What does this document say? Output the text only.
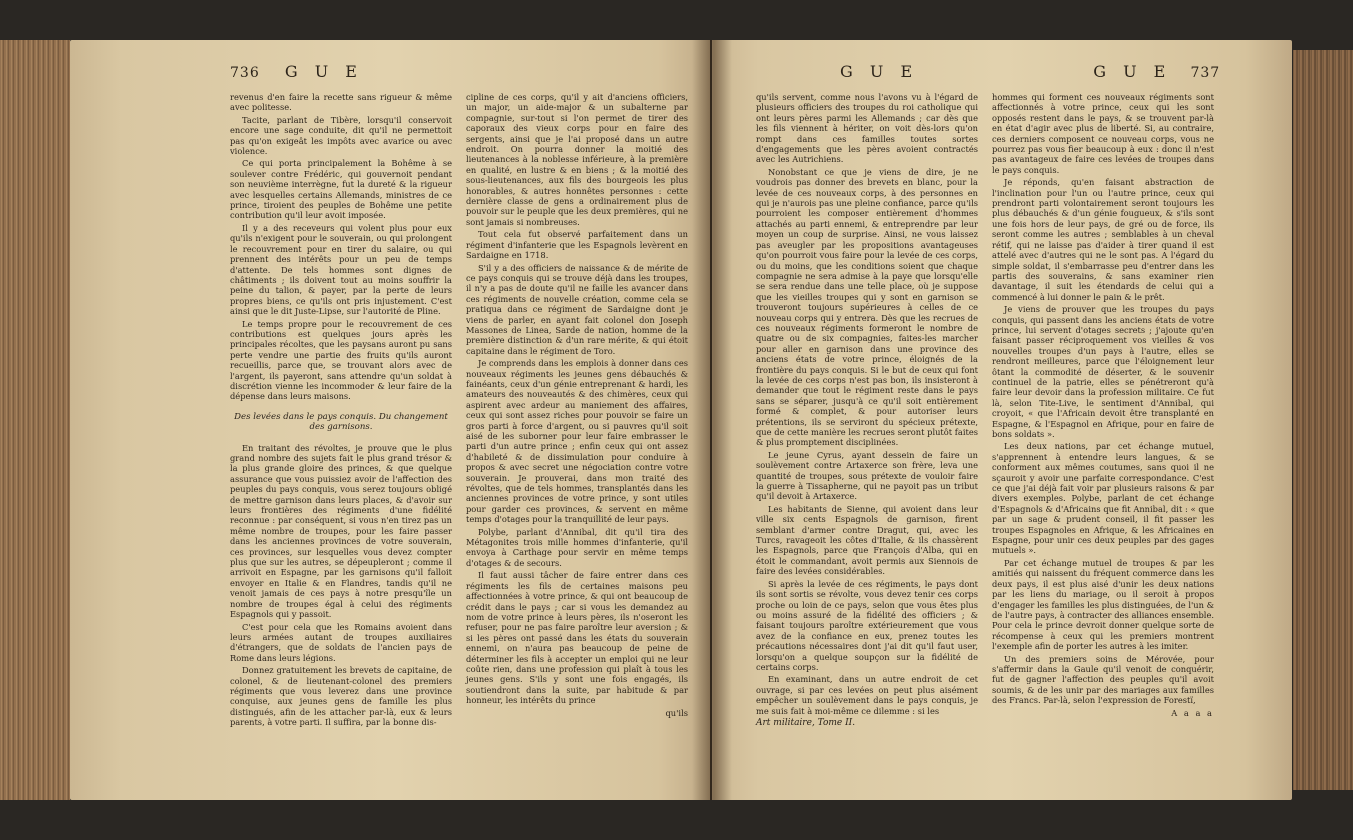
736 G U E

revenus d'en faire la recette sans rigueur & même avec politesse.

Tacite, parlant de Tibère, lorsqu'il conservoit encore une sage conduite, dit qu'il ne permettoit pas qu'on exigeât les impôts avec avarice ou avec violence.

Ce qui porta principalement la Bohême à se soulever contre Frédéric, qui gouvernoit pendant son neuvième interrègne, fut la dureté & la rigueur avec lesquelles certains Allemands, ministres de ce prince, tiroient des peuples de Bohême une petite contribution qu'il leur avoit imposée.

Il y a des receveurs qui volent plus pour eux qu'ils n'exigent pour le souverain, ou qui prolongent le recouvrement pour en tirer du salaire, ou qui prennent des intérêts pour un peu de temps d'attente. De tels hommes sont dignes de châtiments ; ils doivent tout au moins souffrir la peine du talion, & payer, par la perte de leurs propres biens, ce qu'ils ont pris injustement. C'est ainsi que le dit Juste-Lipse, sur l'autorité de Pline.

Le temps propre pour le recouvrement de ces contributions est quelques jours après les principales récoltes, que les paysans auront pu sans perte vendre une partie des fruits qu'ils auront recueillis, parce que, se trouvant alors avec de l'argent, ils payeront, sans attendre qu'un soldat à discrétion vienne les incommoder & leur faire de la dépense dans leurs maisons.

Des levées dans le pays conquis. Du changement des garnisons.

En traitant des révoltes, je prouve que le plus grand nombre des sujets fait le plus grand trésor & la plus grande gloire des princes, & que quelque assurance que vous puissiez avoir de l'affection des peuples du pays conquis, vous serez toujours obligé de mettre garnison dans leurs places, & d'avoir sur leurs frontières des régiments d'une fidélité reconnue : par conséquent, si vous n'en tirez pas un même nombre de troupes, pour les faire passer dans les anciennes provinces de votre souverain, ces provinces, sur lesquelles vous devez compter plus que sur les autres, se dépeupleront ; comme il arrivoit en Espagne, par les garnisons qu'il falloit envoyer en Italie & en Flandres, tandis qu'il ne venoit jamais de ces pays à notre presqu'île un nombre de troupes égal à celui des régiments Espagnols qui y passoit.

C'est pour cela que les Romains avoient dans leurs armées autant de troupes auxiliaires d'étrangers, que de soldats de l'ancien pays de Rome dans leurs légions.

Donnez gratuitement les brevets de capitaine, de colonel, & de lieutenant-colonel des premiers régiments que vous leverez dans une province conquise, aux jeunes gens de famille les plus distingués, afin de les attacher par-là, eux & leurs parents, à votre parti. Il suffira, par la bonne dis-

cipline de ces corps, qu'il y ait d'anciens officiers, un major, un aide-major & un subalterne par compagnie, sur-tout si l'on permet de tirer des caporaux des vieux corps pour en faire des sergents, ainsi que je l'ai proposé dans un autre endroit. On pourra donner la moitié des lieutenances à la noblesse inférieure, à la première en qualité, en lustre & en biens ; & la moitié des sous-lieutenances, aux fils des bourgeois les plus honorables, & autres honnêtes personnes : cette dernière classe de gens a ordinairement plus de pouvoir sur le peuple que les deux premières, qui ne sont jamais si nombreuses.

Tout cela fut observé parfaitement dans un régiment d'infanterie que les Espagnols levèrent en Sardaigne en 1718.

S'il y a des officiers de naissance & de mérite de ce pays conquis qui se trouve déjà dans les troupes, il n'y a pas de doute qu'il ne faille les avancer dans ces régiments de nouvelle création, comme cela se pratiqua dans ce régiment de Sardaigne dont je viens de parler, en ayant fait colonel don Joseph Massones de Linea, Sarde de nation, homme de la première distinction & d'un rare mérite, & qui étoit capitaine dans le régiment de Toro.

Je comprends dans les emplois à donner dans ces nouveaux régiments les jeunes gens débauchés & fainéants, ceux d'un génie entreprenant & hardi, les amateurs des nouveautés & des chimères, ceux qui aspirent avec ardeur au maniement des affaires, ceux qui sont assez riches pour pouvoir se faire un gros parti à force d'argent, ou si pauvres qu'il soit aisé de les suborner pour leur faire embrasser le parti d'un autre prince ; enfin ceux qui ont assez d'habileté & de dissimulation pour conduire à propos & avec secret une négociation contre votre souverain. Je prouverai, dans mon traité des révoltes, que de tels hommes, transplantés dans les anciennes provinces de votre prince, y sont utiles pour garder ces provinces, & servent en même temps d'otages pour la tranquillité de leur pays.

Polybe, parlant d'Annibal, dit qu'il tira des Métagonites trois mille hommes d'infanterie, qu'il envoya à Carthage pour servir en même temps d'otages & de secours.

Il faut aussi tâcher de faire entrer dans ces régiments les fils de certaines maisons peu affectionnées à votre prince, & qui ont beaucoup de crédit dans le pays ; car si vous les demandez au nom de votre prince à leurs pères, ils n'oseront les refuser, pour ne pas faire paroître leur aversion ; & si les pères ont passé dans les états du souverain ennemi, on n'aura pas beaucoup de peine de déterminer les fils à accepter un emploi qui ne leur coûte rien, dans une profession qui plaît à tous les jeunes gens. S'ils y sont une fois engagés, ils soutiendront dans la suite, par habitude & par honneur, les intérêts du prince

qu'ils
G U E	G U E 737

qu'ils servent, comme nous l'avons vu à l'égard de plusieurs officiers des troupes du roi catholique qui ont leurs pères parmi les Allemands ; car dès que les fils viennent à hériter, on voit dès-lors qu'on rompt dans ces familles toutes sortes d'engagements que les pères avoient contractés avec les Autrichiens.

Nonobstant ce que je viens de dire, je ne voudrois pas donner des brevets en blanc, pour la levée de ces nouveaux corps, à des personnes en qui je n'aurois pas une pleine confiance, parce qu'ils pourroient les composer entièrement d'hommes attachés au parti ennemi, & entreprendre par leur moyen un coup de surprise. Ainsi, ne vous laissez pas aveugler par les propositions avantageuses qu'on pourroit vous faire pour la levée de ces corps, ou du moins, que les conditions soient que chaque compagnie ne sera admise à la paye que lorsqu'elle se sera rendue dans une telle place, où je suppose que les vieilles troupes qui y sont en garnison se trouveront toujours supérieures à celles de ce nouveau corps qui y entrera. Dès que les recrues de ces nouveaux régiments formeront le nombre de quatre ou de six compagnies, faites-les marcher pour aller en garnison dans une province des anciens états de votre prince, éloignés de la frontière du pays conquis. Si le but de ceux qui font la levée de ces corps n'est pas bon, ils insisteront à demander que tout le régiment reste dans le pays sans se séparer, jusqu'à ce qu'il soit entièrement formé & complet, & pour autoriser leurs prétentions, ils se serviront du spécieux prétexte, que de cette manière les recrues seront plutôt faites & plus promptement disciplinées.

Le jeune Cyrus, ayant dessein de faire un soulèvement contre Artaxerce son frère, leva une quantité de troupes, sous prétexte de vouloir faire la guerre à Tissapherne, qui ne payoit pas un tribut qu'il devoit à Artaxerce.

Les habitants de Sienne, qui avoient dans leur ville six cents Espagnols de garnison, firent semblant d'armer contre Dragut, qui, avec les Turcs, ravageoit les côtes d'Italie, & ils chassèrent les Espagnols, parce que François d'Alba, qui en étoit le commandant, avoit permis aux Siennois de faire des levées considérables.

Si après la levée de ces régiments, le pays dont ils sont sortis se révolte, vous devez tenir ces corps proche ou loin de ce pays, selon que vous êtes plus ou moins assuré de la fidélité des officiers ; & faisant toujours paroître extérieurement que vous avez de la confiance en eux, prenez toutes les précautions nécessaires dont j'ai dit qu'il faut user, lorsqu'on a quelque soupçon sur la fidélité de certains corps.

En examinant, dans un autre endroit de cet ouvrage, si par ces levées on peut plus aisément empêcher un soulèvement dans le pays conquis, je me suis fait à moi-même ce dilemme : si les

Art militaire, Tome II.

hommes qui forment ces nouveaux régiments sont affectionnés à votre prince, ceux qui les sont opposés restent dans le pays, & se trouvent par-là en état d'agir avec plus de liberté. Si, au contraire, ces derniers composent ce nouveau corps, vous ne pourrez pas vous fier beaucoup à eux : donc il n'est pas avantageux de faire ces levées de troupes dans le pays conquis.

Je réponds, qu'en faisant abstraction de l'inclination pour l'un ou l'autre prince, ceux qui prendront parti volontairement seront toujours les plus débauchés & d'un génie fougueux, & s'ils sont une fois hors de leur pays, de gré ou de force, ils seront comme les autres ; semblables à un cheval rétif, qui ne laisse pas d'aider à tirer quand il est attelé avec d'autres qui ne le sont pas. A l'égard du simple soldat, il s'embarrasse peu d'entrer dans les partis des souverains, & sans examiner rien davantage, il suit les étendards de celui qui a commencé à lui donner le pain & le prêt.

Je viens de prouver que les troupes du pays conquis, qui passent dans les anciens états de votre prince, lui servent d'otages secrets ; j'ajoute qu'en faisant passer réciproquement vos vieilles & vos nouvelles troupes d'un pays à l'autre, elles se rendront meilleures, parce que l'éloignement leur ôtant la commodité de déserter, & le souvenir continuel de la patrie, elles se pénétreront qu'à faire leur devoir dans la profession militaire. Ce fut là, selon Tite-Live, le sentiment d'Annibal, qui croyoit, « que l'Africain devoit être transplanté en Espagne, & l'Espagnol en Afrique, pour en faire de bons soldats ».

Les deux nations, par cet échange mutuel, s'apprennent à entendre leurs langues, & se conforment aux mêmes coutumes, sans quoi il ne sçauroit y avoir une parfaite correspondance. C'est ce que j'ai déjà fait voir par plusieurs raisons & par divers exemples. Polybe, parlant de cet échange d'Espagnols & d'Africains que fit Annibal, dit : « que par un sage & prudent conseil, il fit passer les troupes Espagnoles en Afrique, & les Africaines en Espagne, pour unir ces deux peuples par des gages mutuels ».

Par cet échange mutuel de troupes & par les amitiés qui naissent du fréquent commerce dans les deux pays, il est plus aisé d'unir les deux nations par les liens du mariage, ou il seroit à propos d'engager les familles les plus distinguées, de l'un & de l'autre pays, à contracter des alliances ensemble. Pour cela le prince devroit donner quelque sorte de récompense à ceux qui les premiers montrent l'exemple afin de porter les autres à les imiter.

Un des premiers soins de Mérovée, pour s'affermir dans la Gaule qu'il venoit de conquérir, fut de gagner l'affection des peuples qu'il avoit soumis, & de les unir par des mariages aux familles des Francs. Par-là, selon l'expression de Forestï,

A a a a
